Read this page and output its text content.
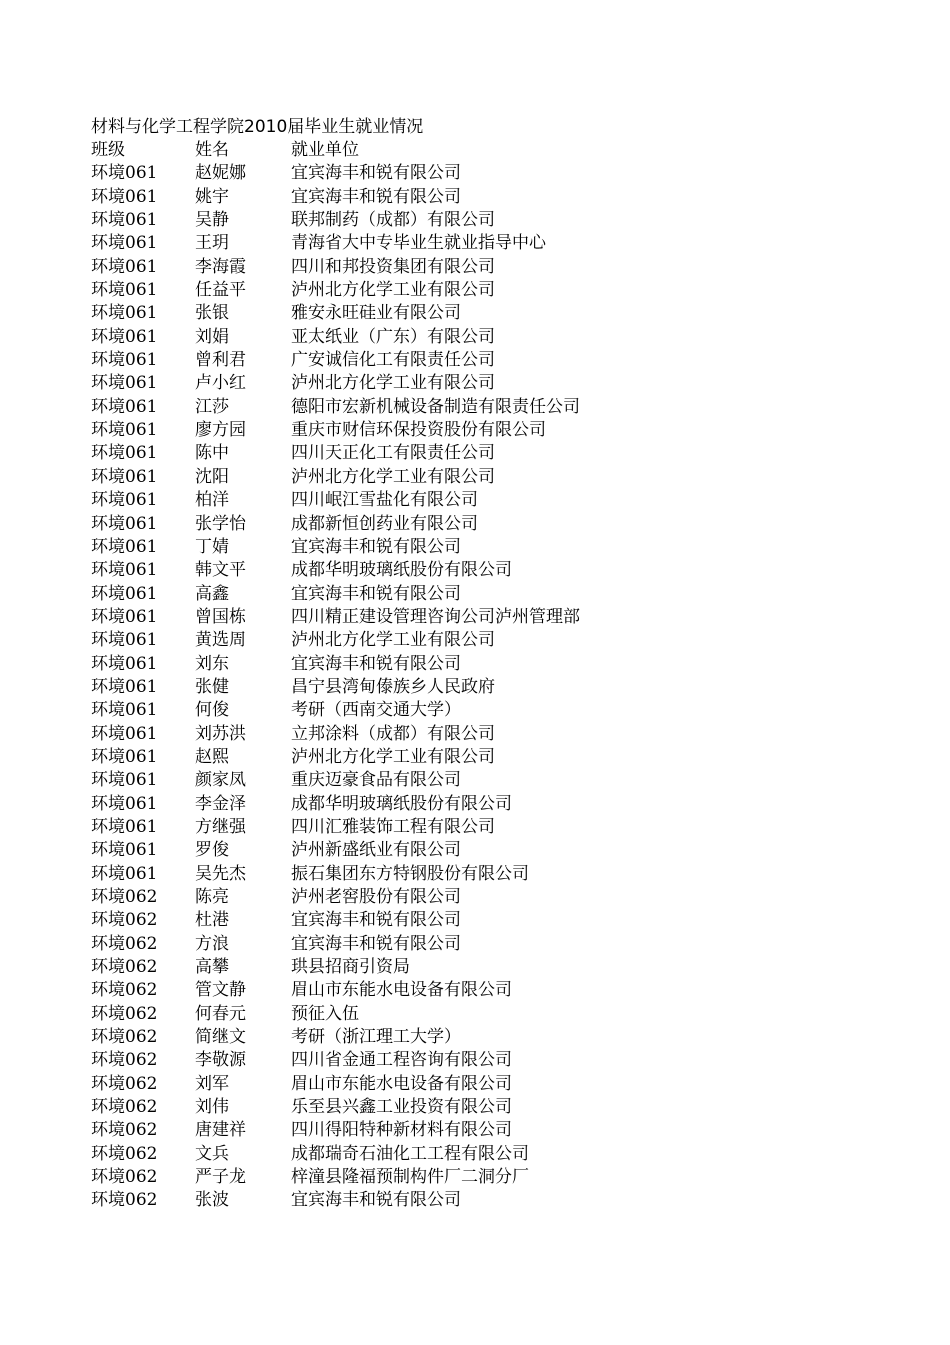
材料与化学工程学院2010届毕业生就业情况
班级	姓名	就业单位
环境061	赵妮娜	宜宾海丰和锐有限公司
环境061	姚宇	宜宾海丰和锐有限公司
环境061	吴静	联邦制药（成都）有限公司
环境061	王玥	青海省大中专毕业生就业指导中心
环境061	李海霞	四川和邦投资集团有限公司
环境061	任益平	泸州北方化学工业有限公司
环境061	张银	雅安永旺硅业有限公司
环境061	刘娟	亚太纸业（广东）有限公司
环境061	曾利君	广安诚信化工有限责任公司
环境061	卢小红	泸州北方化学工业有限公司
环境061	江莎	德阳市宏新机械设备制造有限责任公司
环境061	廖方园	重庆市财信环保投资股份有限公司
环境061	陈中	四川天正化工有限责任公司
环境061	沈阳	泸州北方化学工业有限公司
环境061	柏洋	四川岷江雪盐化有限公司
环境061	张学怡	成都新恒创药业有限公司
环境061	丁婧	宜宾海丰和锐有限公司
环境061	韩文平	成都华明玻璃纸股份有限公司
环境061	高鑫	宜宾海丰和锐有限公司
环境061	曾国栋	四川精正建设管理咨询公司泸州管理部
环境061	黄选周	泸州北方化学工业有限公司
环境061	刘东	宜宾海丰和锐有限公司
环境061	张健	昌宁县湾甸傣族乡人民政府
环境061	何俊	考研（西南交通大学）
环境061	刘苏洪	立邦涂料（成都）有限公司
环境061	赵熙	泸州北方化学工业有限公司
环境061	颜家凤	重庆迈豪食品有限公司
环境061	李金泽	成都华明玻璃纸股份有限公司
环境061	方继强	四川汇雅装饰工程有限公司
环境061	罗俊	泸州新盛纸业有限公司
环境061	吴先杰	振石集团东方特钢股份有限公司
环境062	陈亮	泸州老窖股份有限公司
环境062	杜港	宜宾海丰和锐有限公司
环境062	方浪	宜宾海丰和锐有限公司
环境062	高攀	珙县招商引资局
环境062	管文静	眉山市东能水电设备有限公司
环境062	何春元	预征入伍
环境062	简继文	考研（浙江理工大学）
环境062	李敬源	四川省金通工程咨询有限公司
环境062	刘军	眉山市东能水电设备有限公司
环境062	刘伟	乐至县兴鑫工业投资有限公司
环境062	唐建祥	四川得阳特种新材料有限公司
环境062	文兵	成都瑞奇石油化工工程有限公司
环境062	严子龙	梓潼县隆福预制构件厂二洞分厂
环境062	张波	宜宾海丰和锐有限公司
